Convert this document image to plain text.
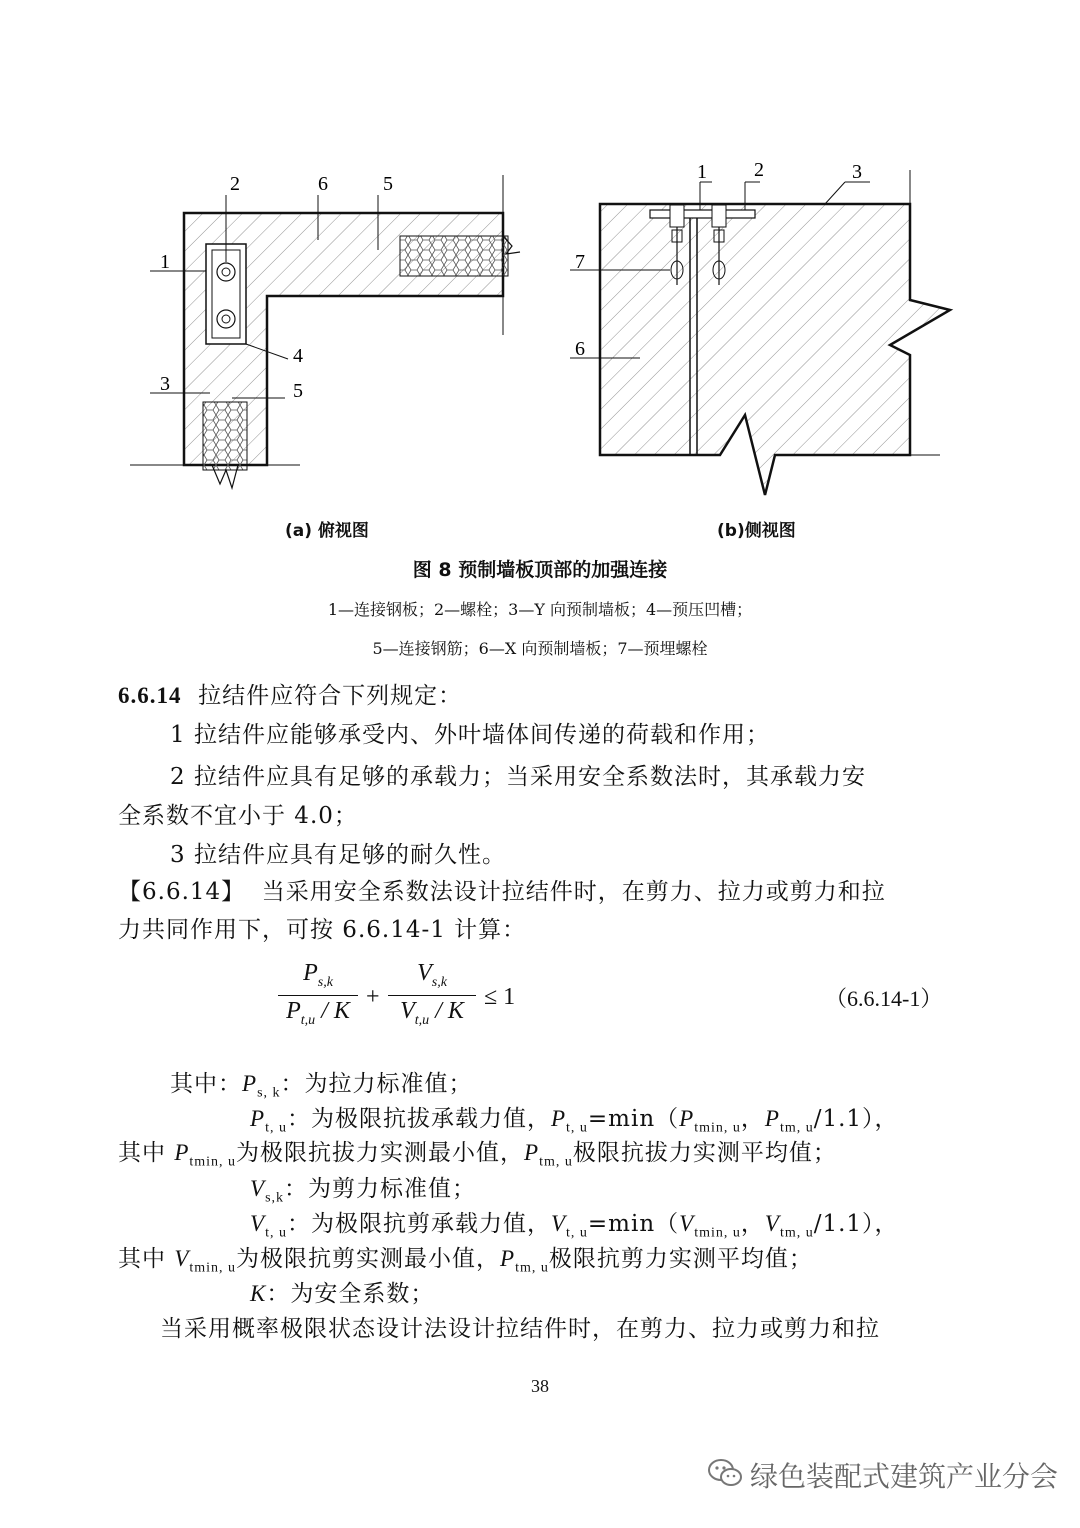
1
2
3
4
5
5
6
1 2	3
6
7
(a) 俯视图	(b)侧视图
图 8 预制墙板顶部的加强连接
1—连接钢板；2—螺栓；3—Y 向预制墙板；4—预压凹槽；
5—连接钢筋；6—X 向预制墙板；7—预埋螺栓
6.6.14 拉结件应符合下列规定：
1 拉结件应能够承受内、外叶墙体间传递的荷载和作用；
2 拉结件应具有足够的承载力；当采用安全系数法时，其承载力安
全系数不宜小于 4.0；
3 拉结件应具有足够的耐久性。
【6.6.14】 当采用安全系数法设计拉结件时，在剪力、拉力或剪力和拉
力共同作用下，可按 6.6.14-1 计算：
$P_{s,k}$
$P_{t,u}$ / K
+
$V_{s,k}$
$V_{t,u}$ / K
≤ 1	（6.6.14-1）
其中：$P_{s, k}$：为拉力标准值；
$P_{t, u}$：为极限抗拔承载力值，$P_{t, u}=\min(P_{tmin, u}$，$P_{tm, u}/1.1$），
其中 $P_{tmin, u}$为极限抗拔力实测最小值，$P_{tm, u}$极限抗拔力实测平均值；
$V_{s,k}$：为剪力标准值；
$V_{t, u}$：为极限抗剪承载力值，$V_{t, u}=\min(V_{tmin, u}$，$V_{tm, u}/1.1$），
其中 $V_{tmin, u}$为极限抗剪实测最小值，$P_{tm, u}$极限抗剪力实测平均值；
K：为安全系数；
当采用概率极限状态设计法设计拉结件时，在剪力、拉力或剪力和拉
38
绿色装配式建筑产业分会
